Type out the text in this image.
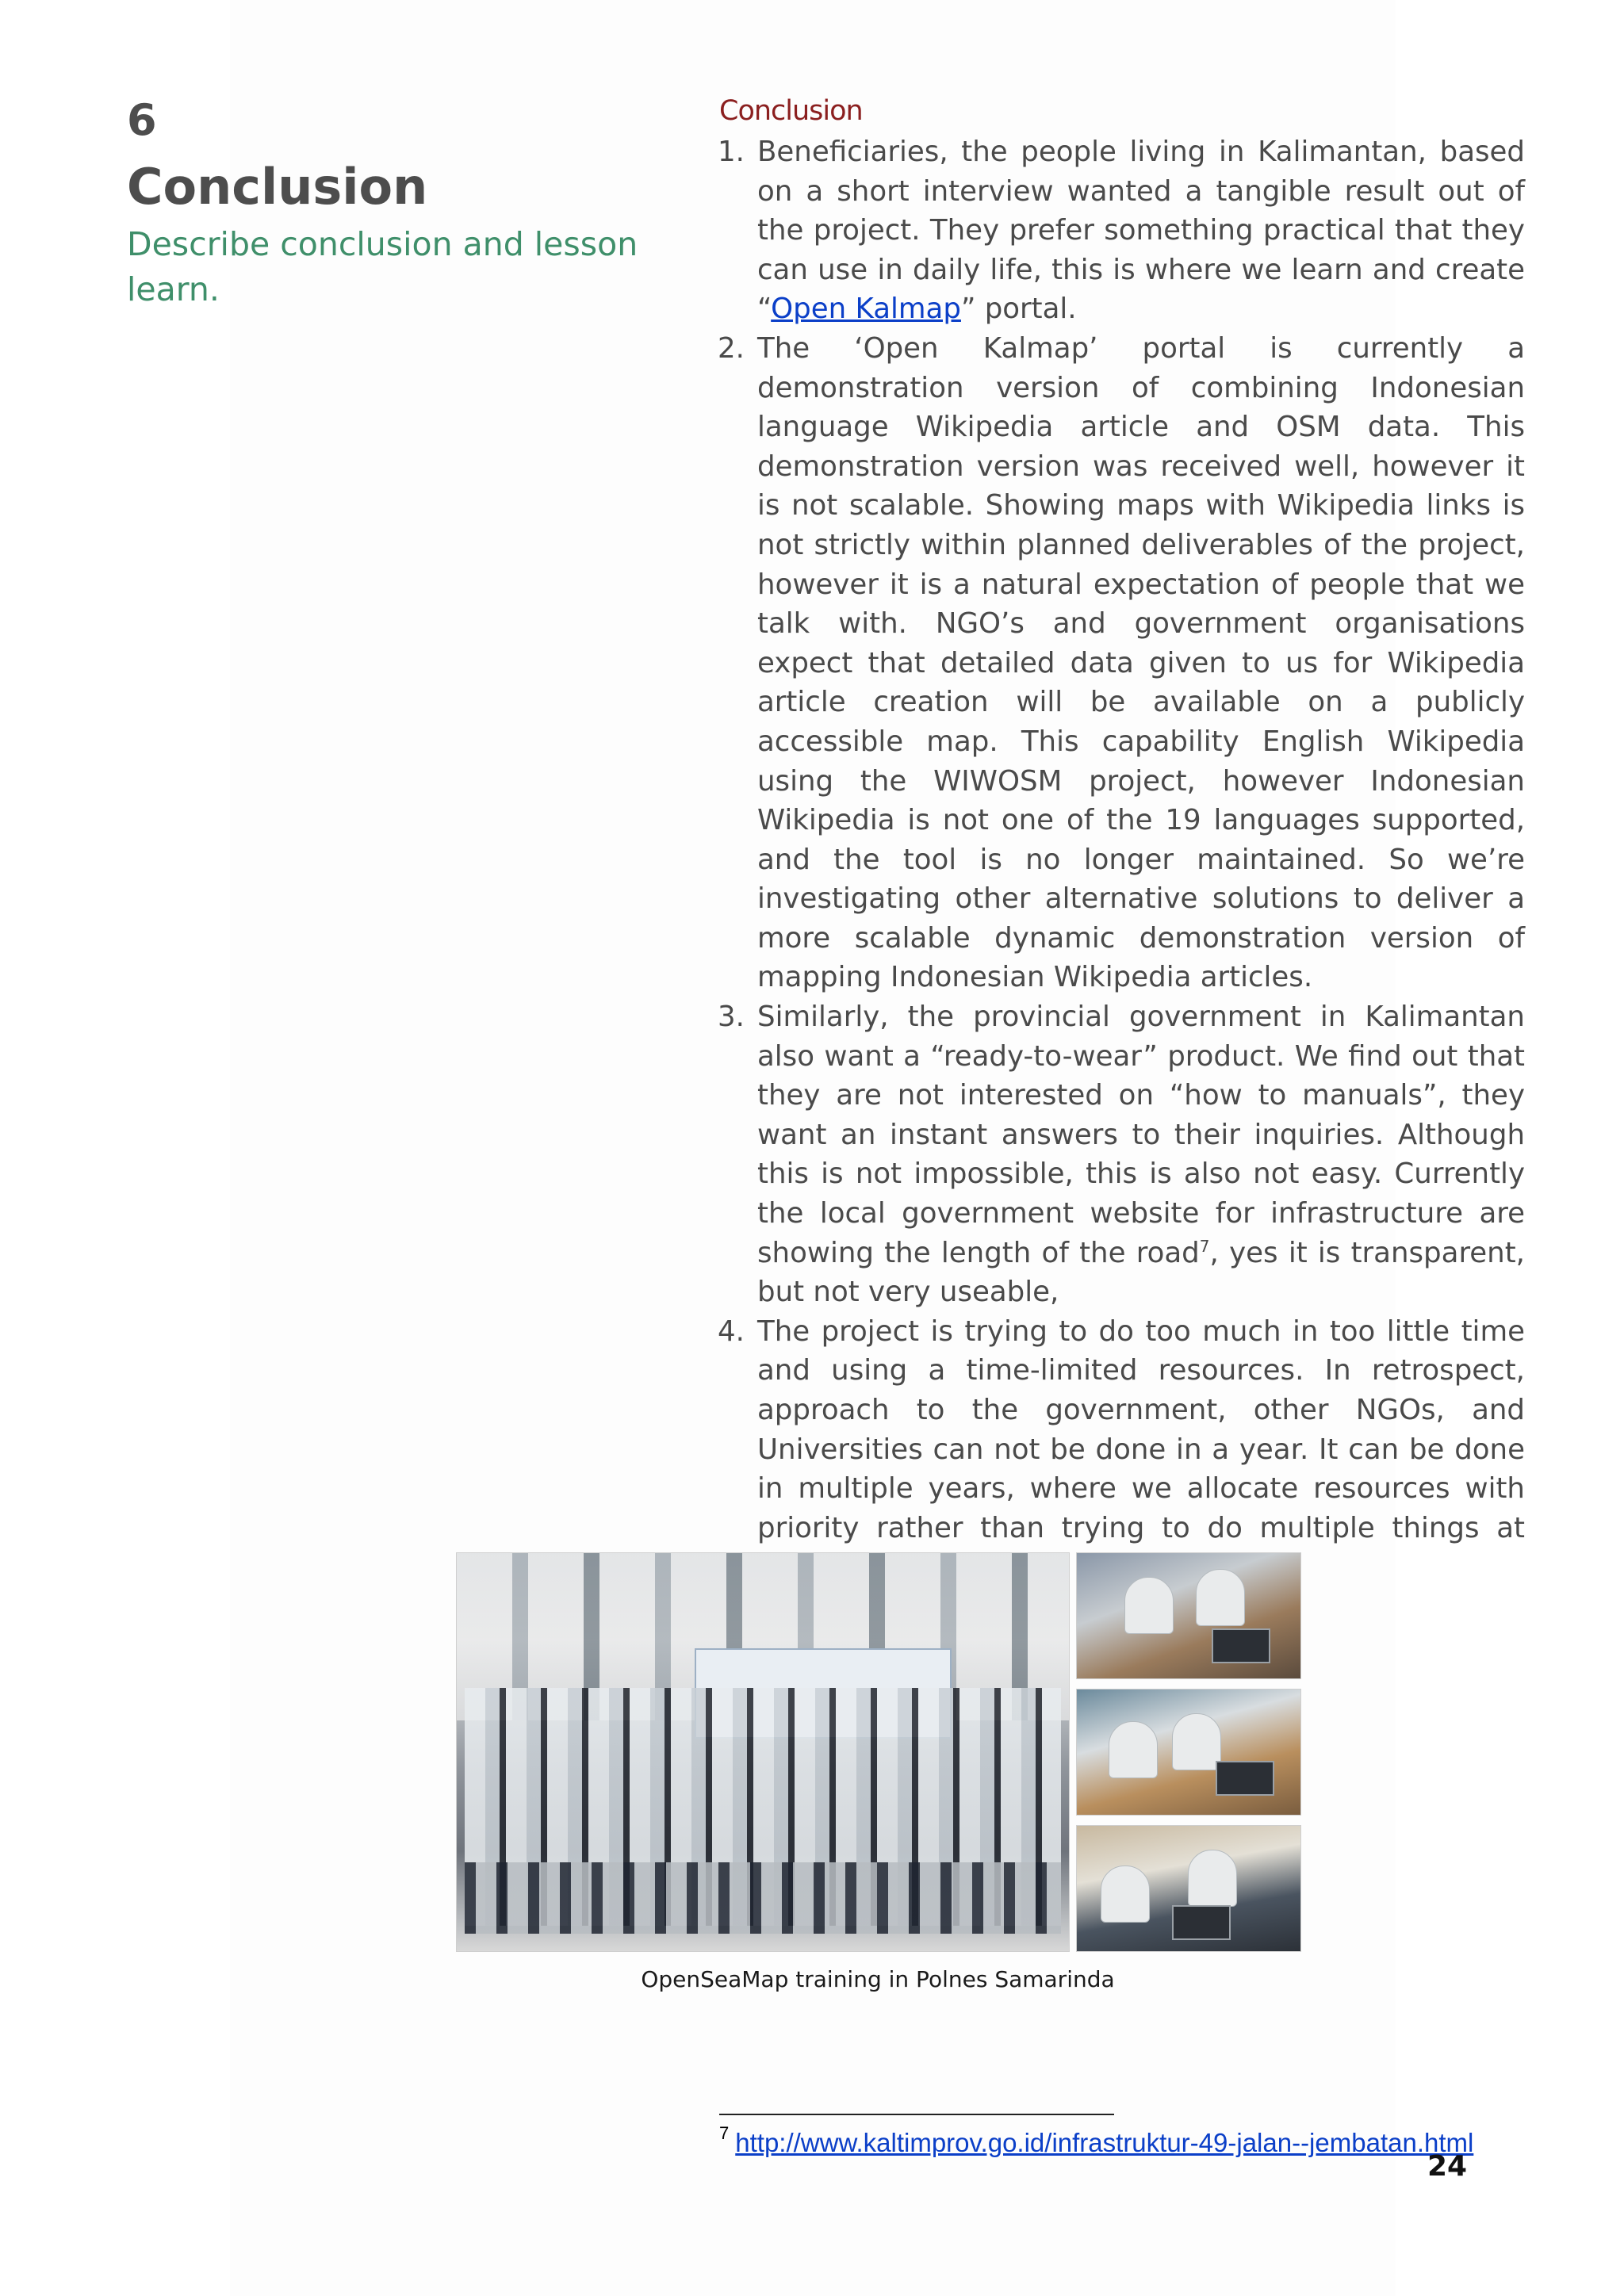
6
Conclusion
Describe conclusion and lesson learn.
Conclusion
1. Beneficiaries, the people living in Kalimantan, based on a short interview wanted a tangible result out of the project. They prefer something practical that they can use in daily life, this is where we learn and create “Open Kalmap” portal.
2. The ‘Open Kalmap’ portal is currently a demonstration version of combining Indonesian language Wikipedia article and OSM data. This demonstration version was received well, however it is not scalable. Showing maps with Wikipedia links is not strictly within planned deliverables of the project, however it is a natural expectation of people that we talk with. NGO’s and government organisations expect that detailed data given to us for Wikipedia article creation will be available on a publicly accessible map. This capability English Wikipedia using the WIWOSM project, however Indonesian Wikipedia is not one of the 19 languages supported, and the tool is no longer maintained. So we’re investigating other alternative solutions to deliver a more scalable dynamic demonstration version of mapping Indonesian Wikipedia articles.
3. Similarly, the provincial government in Kalimantan also want a “ready-to-wear” product. We find out that they are not interested on “how to manuals”, they want an instant answers to their inquiries. Although this is not impossible, this is also not easy. Currently the local government website for infrastructure are showing the length of the road$^7$, yes it is transparent, but not very useable,
4. The project is trying to do too much in too little time and using a time-limited resources. In retrospect, approach to the government, other NGOs, and Universities can not be done in a year. It can be done in multiple years, where we allocate resources with priority rather than trying to do multiple things at
OpenSeaMap training in Polnes Samarinda
$^7$ http://www.kaltimprov.go.id/infrastruktur-49-jalan--jembatan.html
24
